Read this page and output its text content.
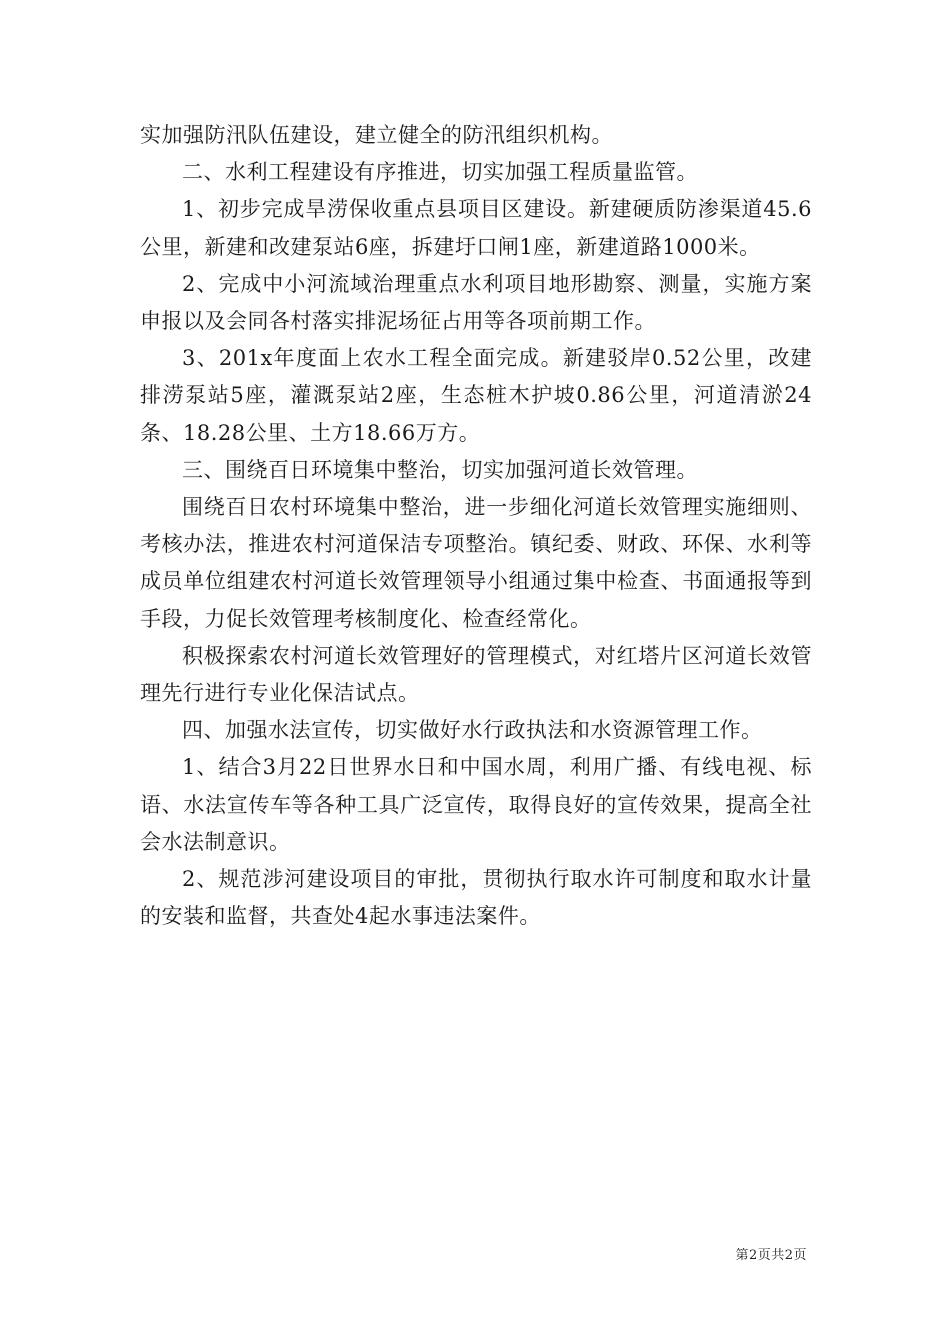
实加强防汛队伍建设，建立健全的防汛组织机构。

二、水利工程建设有序推进，切实加强工程质量监管。

1、初步完成旱涝保收重点县项目区建设。新建硬质防渗渠道45.6公里，新建和改建泵站6座，拆建圩口闸1座，新建道路1000米。

2、完成中小河流域治理重点水利项目地形勘察、测量，实施方案申报以及会同各村落实排泥场征占用等各项前期工作。

3、201x年度面上农水工程全面完成。新建驳岸0.52公里，改建排涝泵站5座，灌溉泵站2座，生态桩木护坡0.86公里，河道清淤24条、18.28公里、土方18.66万方。

三、围绕百日环境集中整治，切实加强河道长效管理。

围绕百日农村环境集中整治，进一步细化河道长效管理实施细则、考核办法，推进农村河道保洁专项整治。镇纪委、财政、环保、水利等成员单位组建农村河道长效管理领导小组通过集中检查、书面通报等到手段，力促长效管理考核制度化、检查经常化。

积极探索农村河道长效管理好的管理模式，对红塔片区河道长效管理先行进行专业化保洁试点。

四、加强水法宣传，切实做好水行政执法和水资源管理工作。

1、结合3月22日世界水日和中国水周，利用广播、有线电视、标语、水法宣传车等各种工具广泛宣传，取得良好的宣传效果，提高全社会水法制意识。

2、规范涉河建设项目的审批，贯彻执行取水许可制度和取水计量的安装和监督，共查处4起水事违法案件。

第2页共2页
